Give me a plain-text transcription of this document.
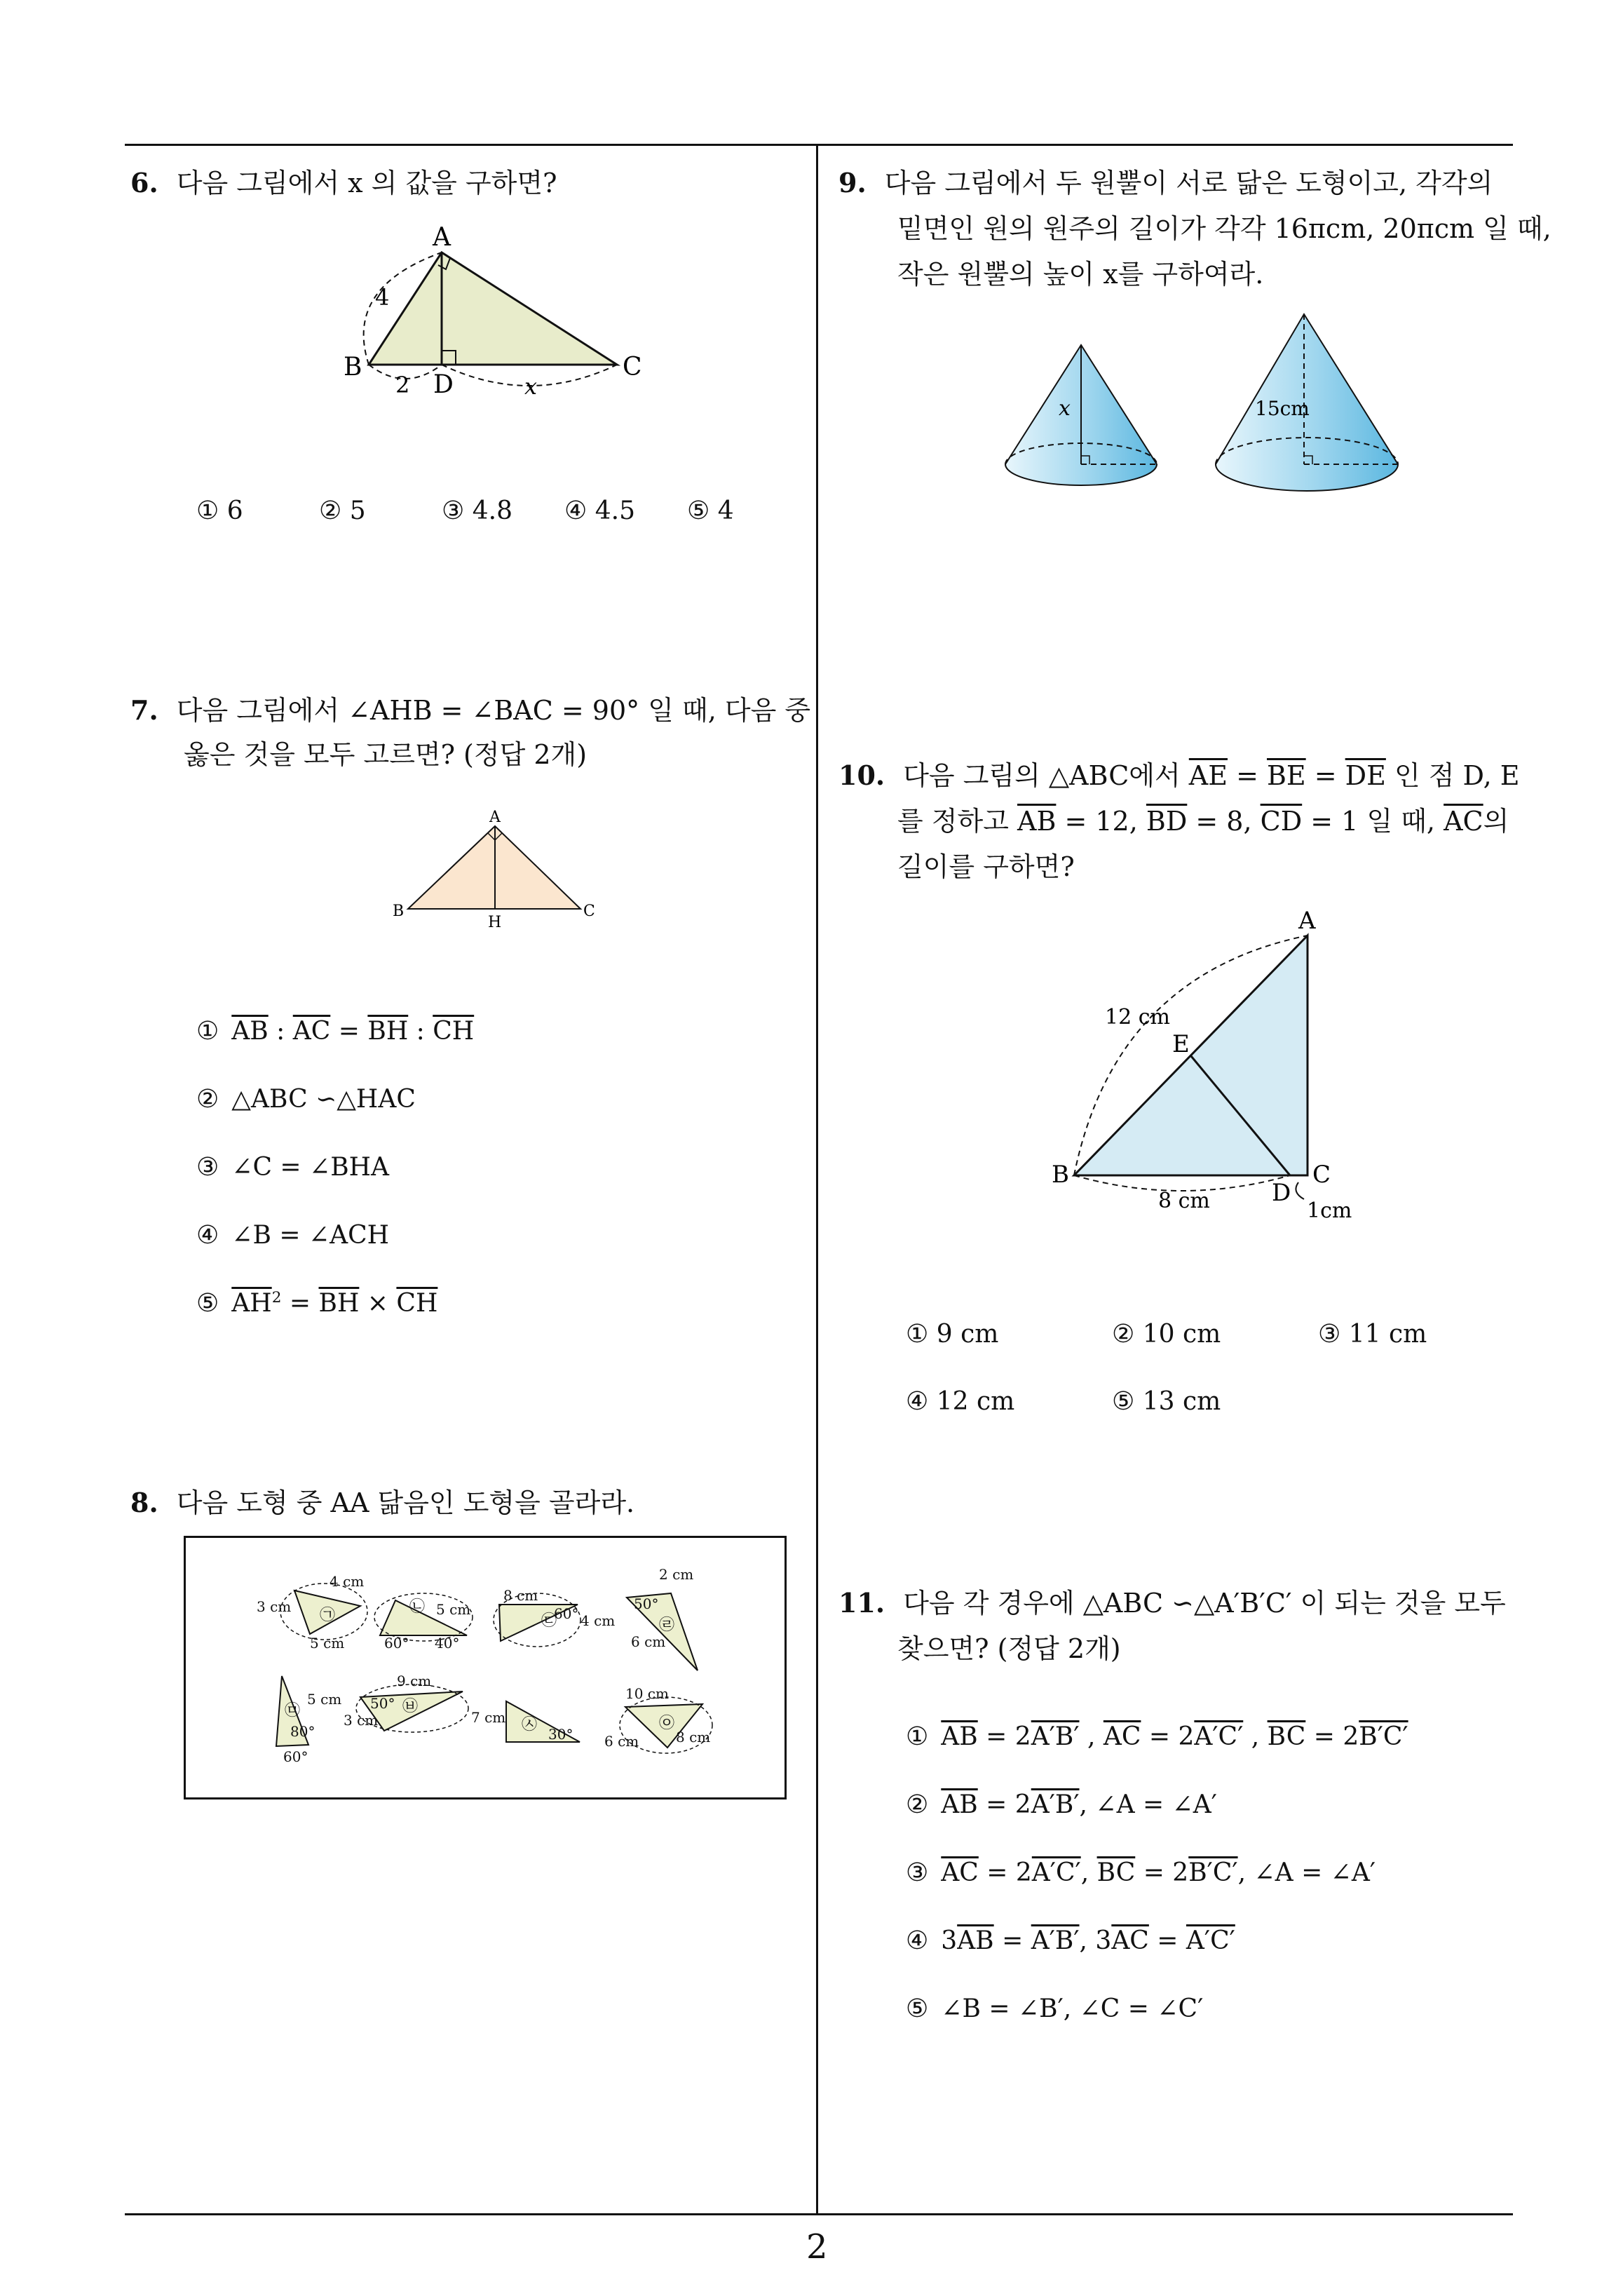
2
6. 다음 그림에서 x 의 값을 구하면?
A
B	C
D
4
2	x
① 6	② 5	③ 4.8 ④ 4.5 ⑤ 4
7. 다음 그림에서 ∠AHB = ∠BAC = 90° 일 때, 다음 중
옳은 것을 모두 고르면? (정답 2개)
A
B	C
H
① $\overline{AB}$ : $\overline{AC} = \overline{BH}$ : $\overline{CH}$
② △ABC ∽△HAC
③ ∠C = ∠BHA
④ ∠B = ∠ACH
⑤ $\overline{AH}^2 = \overline{BH} \times \overline{CH}$
8. 다음 도형 중 AA 닮음인 도형을 골라라.
4 cm
3 cm
5 cm
5 cm
60° 40°
8 cm
60° 4 cm
2 cm
50°
6 cm
9 cm
5 cm 50°
3 cm
80°
60°
7 cm
30°
10 cm
6 cm	8 cm
㉠	㉡
㉢	㉣
㉤	㉥
㉦	㉧
9. 다음 그림에서 두 원뿔이 서로 닮은 도형이고, 각각의
밑면인 원의 원주의 길이가 각각 16πcm, 20πcm 일 때,
작은 원뿔의 높이 x를 구하여라.
x	15cm
10. 다음 그림의 △ABC에서 $\overline{AE} = \overline{BE} = \overline{DE}$ 인 점 D, E
를 정하고 $\overline{AB} = 12$, $\overline{BD} = 8$, $\overline{CD} = 1$ 일 때, $\overline{AC}$의
길이를 구하면?
A
B	C
D
E
12 cm
8 cm	1cm
① 9 cm	② 10 cm	③ 11 cm
④ 12 cm	⑤ 13 cm
11. 다음 각 경우에 △ABC ∽△A′B′C′ 이 되는 것을 모두
찾으면? (정답 2개)
① $\overline{AB} = 2A'B'$ , $\overline{AC} = 2A'C'$ , $\overline{BC} = 2B'C'$
② $\overline{AB} = 2A'B'$, ∠A = ∠A′
③ $\overline{AC} = 2A'C'$, $\overline{BC} = 2B'C'$, ∠A = ∠A′
④ $3\overline{AB} = A'B'$, $3\overline{AC} = A'C'$
⑤ ∠B = ∠B′, ∠C = ∠C′
